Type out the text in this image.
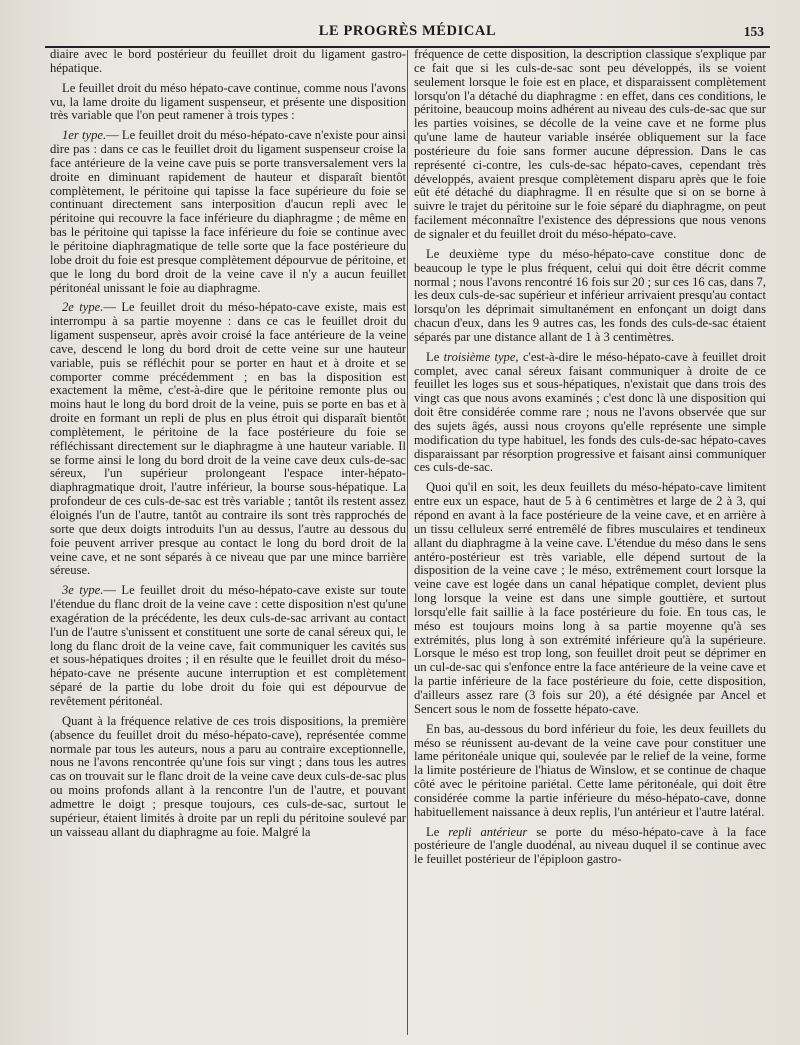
LE PROGRÈS MÉDICAL	153

diaire avec le bord postérieur du feuillet droit du ligament gastro-hépatique.

Le feuillet droit du méso hépato-cave continue, comme nous l'avons vu, la lame droite du ligament suspenseur, et présente une disposition très variable que l'on peut ramener à trois types :

1er type.— Le feuillet droit du méso-hépato-cave n'existe pour ainsi dire pas : dans ce cas le feuillet droit du ligament suspenseur croise la face antérieure de la veine cave puis se porte transversalement vers la droite en diminuant rapidement de hauteur et disparaît bientôt complètement, le péritoine qui tapisse la face supérieure du foie se continuant directement sans interposition d'aucun repli avec le péritoine qui recouvre la face inférieure du diaphragme ; de même en bas le péritoine qui tapisse la face inférieure du foie se continue avec le péritoine diaphragmatique de telle sorte que la face postérieure du lobe droit du foie est presque complètement dépourvue de péritoine, et que le long du bord droit de la veine cave il n'y a aucun feuillet péritonéal unissant le foie au diaphragme.

2e type.— Le feuillet droit du méso-hépato-cave existe, mais est interrompu à sa partie moyenne : dans ce cas le feuillet droit du ligament suspenseur, après avoir croisé la face antérieure de la veine cave, descend le long du bord droit de cette veine sur une hauteur variable, puis se réfléchit pour se porter en haut et à droite et se comporter comme précédemment ; en bas la disposition est exactement la même, c'est-à-dire que le péritoine remonte plus ou moins haut le long du bord droit de la veine, puis se porte en bas et à droite en formant un repli de plus en plus étroit qui disparaît bientôt complètement, le péritoine de la face postérieure du foie se réfléchissant directement sur le diaphragme à une hauteur variable. Il se forme ainsi le long du bord droit de la veine cave deux culs-de-sac séreux, l'un supérieur prolongeant l'espace inter-hépato-diaphragmatique droit, l'autre inférieur, la bourse sous-hépatique. La profondeur de ces culs-de-sac est très variable ; tantôt ils restent assez éloignés l'un de l'autre, tantôt au contraire ils sont très rapprochés de sorte que deux doigts introduits l'un au dessus, l'autre au dessous du foie peuvent arriver presque au contact le long du bord droit de la veine cave, et ne sont séparés à ce niveau que par une mince barrière séreuse.

3e type.— Le feuillet droit du méso-hépato-cave existe sur toute l'étendue du flanc droit de la veine cave : cette disposition n'est qu'une exagération de la précédente, les deux culs-de-sac arrivant au contact l'un de l'autre s'unissent et constituent une sorte de canal séreux qui, le long du flanc droit de la veine cave, fait communiquer les cavités sus et sous-hépatiques droites ; il en résulte que le feuillet droit du méso-hépato-cave ne présente aucune interruption et est complètement séparé de la partie du lobe droit du foie qui est dépourvue de revêtement péritonéal.

Quant à la fréquence relative de ces trois dispositions, la première (absence du feuillet droit du méso-hépato-cave), représentée comme normale par tous les auteurs, nous a paru au contraire exceptionnelle, nous ne l'avons rencontrée qu'une fois sur vingt ; dans tous les autres cas on trouvait sur le flanc droit de la veine cave deux culs-de-sac plus ou moins profonds allant à la rencontre l'un de l'autre, et pouvant admettre le doigt ; presque toujours, ces culs-de-sac, surtout le supérieur, étaient limités à droite par un repli du péritoine soulevé par un vaisseau allant du diaphragme au foie. Malgré la

fréquence de cette disposition, la description classique s'explique par ce fait que si les culs-de-sac sont peu développés, ils se voient seulement lorsque le foie est en place, et disparaissent complètement lorsqu'on l'a détaché du diaphragme : en effet, dans ces conditions, le péritoine, beaucoup moins adhérent au niveau des culs-de-sac que sur les parties voisines, se décolle de la veine cave et ne forme plus qu'une lame de hauteur variable insérée obliquement sur la face postérieure du foie sans former aucune dépression. Dans le cas représenté ci-contre, les culs-de-sac hépato-caves, cependant très développés, avaient presque complètement disparu après que le foie eût été détaché du diaphragme. Il en résulte que si on se borne à suivre le trajet du péritoine sur le foie séparé du diaphragme, on peut facilement méconnaître l'existence des dépressions que nous venons de signaler et du feuillet droit du méso-hépato-cave.

Le deuxième type du méso-hépato-cave constitue donc de beaucoup le type le plus fréquent, celui qui doit être décrit comme normal ; nous l'avons rencontré 16 fois sur 20 ; sur ces 16 cas, dans 7, les deux culs-de-sac supérieur et inférieur arrivaient presqu'au contact lorsqu'on les déprimait simultanément en enfonçant un doigt dans chacun d'eux, dans les 9 autres cas, les fonds des culs-de-sac étaient séparés par une distance allant de 1 à 3 centimètres.

Le troisième type, c'est-à-dire le méso-hépato-cave à feuillet droit complet, avec canal séreux faisant communiquer à droite de ce feuillet les loges sus et sous-hépatiques, n'existait que dans trois des vingt cas que nous avons examinés ; c'est donc là une disposition qui doit être considérée comme rare ; nous ne l'avons observée que sur des sujets âgés, aussi nous croyons qu'elle représente une simple modification du type habituel, les fonds des culs-de-sac hépato-caves disparaissant par résorption progressive et faisant ainsi communiquer ces culs-de-sac.

Quoi qu'il en soit, les deux feuillets du méso-hépato-cave limitent entre eux un espace, haut de 5 à 6 centimètres et large de 2 à 3, qui répond en avant à la face postérieure de la veine cave, et en arrière à un tissu celluleux serré entremêlé de fibres musculaires et tendineux allant du diaphragme à la veine cave. L'étendue du méso dans le sens antéro-postérieur est très variable, elle dépend surtout de la disposition de la veine cave ; le méso, extrêmement court lorsque la veine cave est logée dans un canal hépatique complet, devient plus long lorsque la veine est dans une simple gouttière, et surtout lorsqu'elle fait saillie à la face postérieure du foie. En tous cas, le méso est toujours moins long à sa partie moyenne qu'à ses extrémités, plus long à son extrémité inférieure qu'à la supérieure. Lorsque le méso est trop long, son feuillet droit peut se déprimer en un cul-de-sac qui s'enfonce entre la face antérieure de la veine cave et la partie inférieure de la face postérieure du foie, cette disposition, d'ailleurs assez rare (3 fois sur 20), a été désignée par Ancel et Sencert sous le nom de fossette hépato-cave.

En bas, au-dessous du bord inférieur du foie, les deux feuillets du méso se réunissent au-devant de la veine cave pour constituer une lame péritonéale unique qui, soulevée par le relief de la veine, forme la limite postérieure de l'hiatus de Winslow, et se continue de chaque côté avec le péritoine pariétal. Cette lame péritonéale, qui doit être considérée comme la partie inférieure du méso-hépato-cave, donne habituellement naissance à deux replis, l'un antérieur et l'autre latéral.

Le repli antérieur se porte du méso-hépato-cave à la face postérieure de l'angle duodénal, au niveau duquel il se continue avec le feuillet postérieur de l'épiploon gastro-
